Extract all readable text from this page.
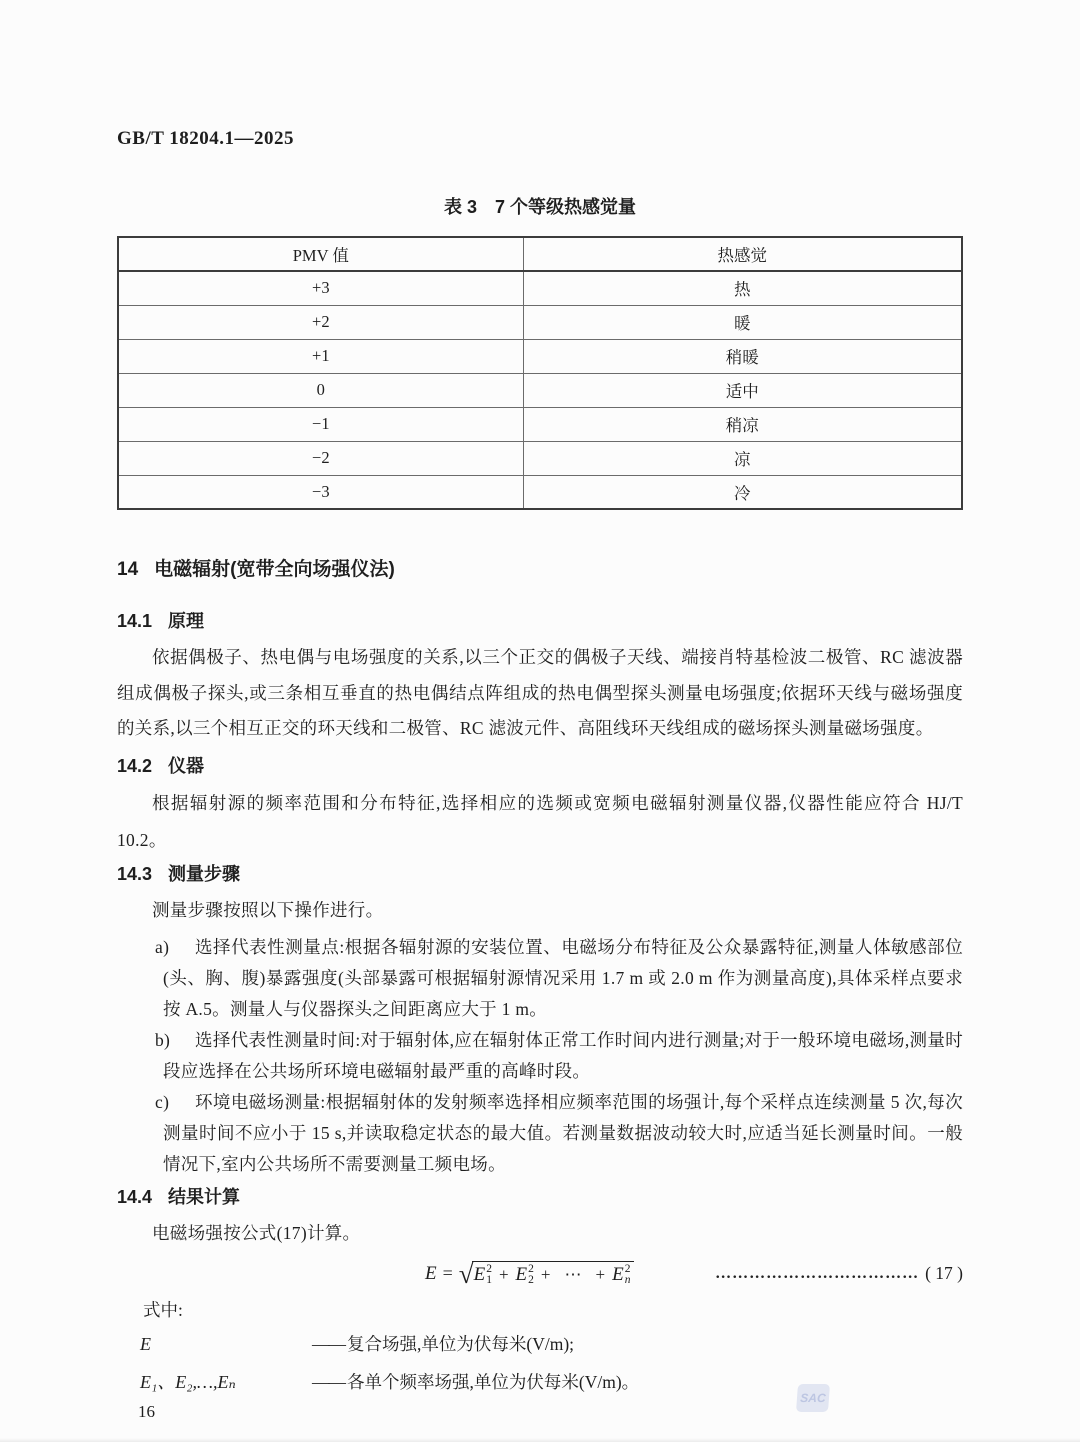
GB/T 18204.1—2025
表 3　7 个等级热感觉量
PMV 值	热感觉
+3	热
+2	暖
+1	稍暖
0	适中
−1	稍凉
−2	凉
−3	冷
14 电磁辐射(宽带全向场强仪法)
14.1 原理
依据偶极子、热电偶与电场强度的关系,以三个正交的偶极子天线、端接肖特基检波二极管、RC 滤波器组成偶极子探头,或三条相互垂直的热电偶结点阵组成的热电偶型探头测量电场强度;依据环天线与磁场强度的关系,以三个相互正交的环天线和二极管、RC 滤波元件、高阻线环天线组成的磁场探头测量磁场强度。
14.2 仪器
根据辐射源的频率范围和分布特征,选择相应的选频或宽频电磁辐射测量仪器,仪器性能应符合 HJ/T 10.2。
14.3 测量步骤
测量步骤按照以下操作进行。
a) 选择代表性测量点:根据各辐射源的安装位置、电磁场分布特征及公众暴露特征,测量人体敏感部位(头、胸、腹)暴露强度(头部暴露可根据辐射源情况采用 1.7 m 或 2.0 m 作为测量高度),具体采样点要求按 A.5。测量人与仪器探头之间距离应大于 1 m。
b) 选择代表性测量时间:对于辐射体,应在辐射体正常工作时间内进行测量;对于一般环境电磁场,测量时段应选择在公共场所环境电磁辐射最严重的高峰时段。
c) 环境电磁场测量:根据辐射体的发射频率选择相应频率范围的场强计,每个采样点连续测量 5 次,每次测量时间不应小于 15 s,并读取稳定状态的最大值。若测量数据波动较大时,应适当延长测量时间。一般情况下,室内公共场所不需要测量工频电场。
14.4 结果计算
电磁场强按公式(17)计算。
E = √ E 2
1 + E 2
2 + ⋯ + E 2
n	……………………………… ( 17 )
式中:
E	—— 复合场强,单位为伏每米(V/m);
E₁、E₂,…,Eₙ	—— 各单个频率场强,单位为伏每米(V/m)。
16
SAC
